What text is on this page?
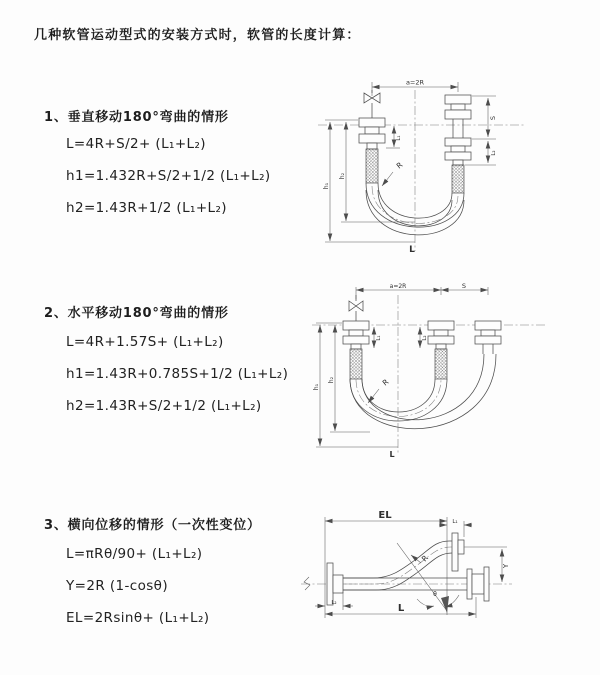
几种软管运动型式的安装方式时，软管的长度计算：
1、垂直移动180°弯曲的情形
L=4R+S/2+ (L₁+L₂)
h1=1.432R+S/2+1/2 (L₁+L₂)
h2=1.43R+1/2 (L₁+L₂)
2、水平移动180°弯曲的情形
L=4R+1.57S+ (L₁+L₂)
h1=1.43R+0.785S+1/2 (L₁+L₂)
h2=1.43R+S/2+1/2 (L₁+L₂)
3、横向位移的情形（一次性变位）
L=πRθ/90+ (L₁+L₂)
Y=2R (1-cosθ)
EL=2Rsinθ+ (L₁+L₂)
a=2R
R
h₁
h₂
L₁
S
L₂
L
a=2R	S
R
h₁
h₂
L₁	L₂
L
EL
L₁
Y
R
θ
L
L₂
